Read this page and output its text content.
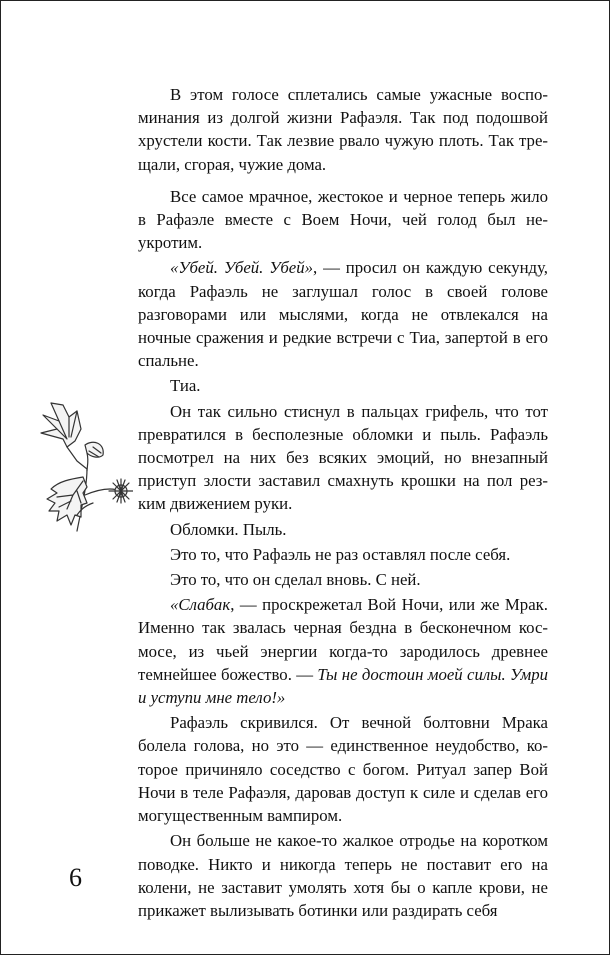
В этом голосе сплетались самые ужасные воспоминания из долгой жизни Рафаэля. Так под подошвой хрустели кости. Так лезвие рвало чужую плоть. Так трещали, сгорая, чужие дома.

Все самое мрачное, жестокое и черное теперь жило в Рафаэле вместе с Воем Ночи, чей голод был неукротим.

«Убей. Убей. Убей», — просил он каждую секунду, когда Рафаэль не заглушал голос в своей голове разговорами или мыслями, когда не отвлекался на ночные сражения и редкие встречи с Тиа, запертой в его спальне.

Тиа.

Он так сильно стиснул в пальцах грифель, что тот превратился в бесполезные обломки и пыль. Рафаэль посмотрел на них без всяких эмоций, но внезапный приступ злости заставил смахнуть крошки на пол резким движением руки.

Обломки. Пыль.

Это то, что Рафаэль не раз оставлял после себя.

Это то, что он сделал вновь. С ней.

«Слабак, — проскрежетал Вой Ночи, или же Мрак. Именно так звалась черная бездна в бесконечном космосе, из чьей энергии когда-то зародилось древнее темнейшее божество. — Ты не достоин моей силы. Умри и уступи мне тело!»

Рафаэль скривился. От вечной болтовни Мрака болела голова, но это — единственное неудобство, которое причиняло соседство с богом. Ритуал запер Вой Ночи в теле Рафаэля, даровав доступ к силе и сделав его могущественным вампиром.

Он больше не какое-то жалкое отродье на коротком поводке. Никто и никогда теперь не поставит его на колени, не заставит умолять хотя бы о капле крови, не прикажет вылизывать ботинки или раздирать себя

6
